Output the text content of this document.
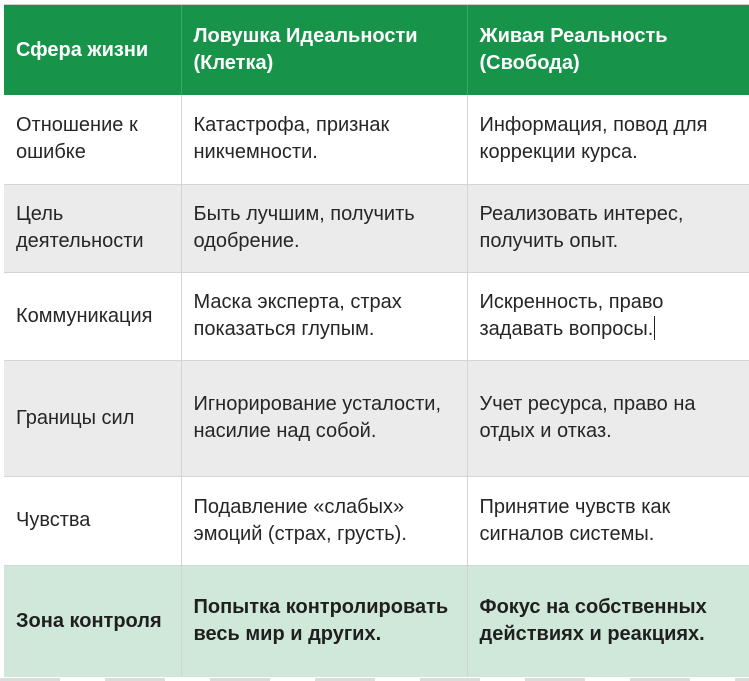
Сфера жизни	Ловушка Идеальности (Клетка)	Живая Реальность (Свобода)
Отношение к ошибке	Катастрофа, признак никчемности.	Информация, повод для коррекции курса.
Цель деятельности	Быть лучшим, получить одобрение.	Реализовать интерес, получить опыт.
Коммуникация	Маска эксперта, страх показаться глупым.	Искренность, право задавать вопросы.
Границы сил	Игнорирование усталости, насилие над собой.	Учет ресурса, право на отдых и отказ.
Чувства	Подавление «слабых» эмоций (страх, грусть).	Принятие чувств как сигналов системы.
Зона контроля	Попытка контролировать весь мир и других.	Фокус на собственных действиях и реакциях.
